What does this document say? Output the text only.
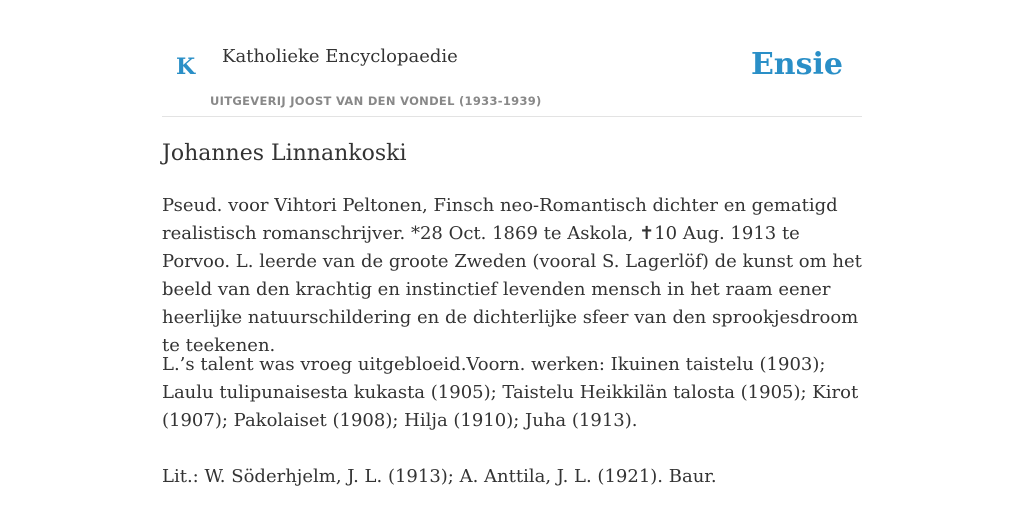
K Katholieke Encyclopaedie
UITGEVERIJ JOOST VAN DEN VONDEL (1933-1939)
Ensie
Johannes Linnankoski

Pseud. voor Vihtori Peltonen, Finsch neo-Romantisch dichter en gematigd realistisch romanschrijver. *28 Oct. 1869 te Askola, ✝10 Aug. 1913 te Porvoo. L. leerde van de groote Zweden (vooral S. Lagerlöf) de kunst om het beeld van den krachtig en instinctief levenden mensch in het raam eener heerlijke natuurschildering en de dichterlijke sfeer van den sprookjesdroom te teekenen.

L.’s talent was vroeg uitgebloeid.Voorn. werken: Ikuinen taistelu (1903); Laulu tulipunaisesta kukasta (1905); Taistelu Heikkilän talosta (1905); Kirot (1907); Pakolaiset (1908); Hilja (1910); Juha (1913).

Lit.: W. Söderhjelm, J. L. (1913); A. Anttila, J. L. (1921). Baur.
